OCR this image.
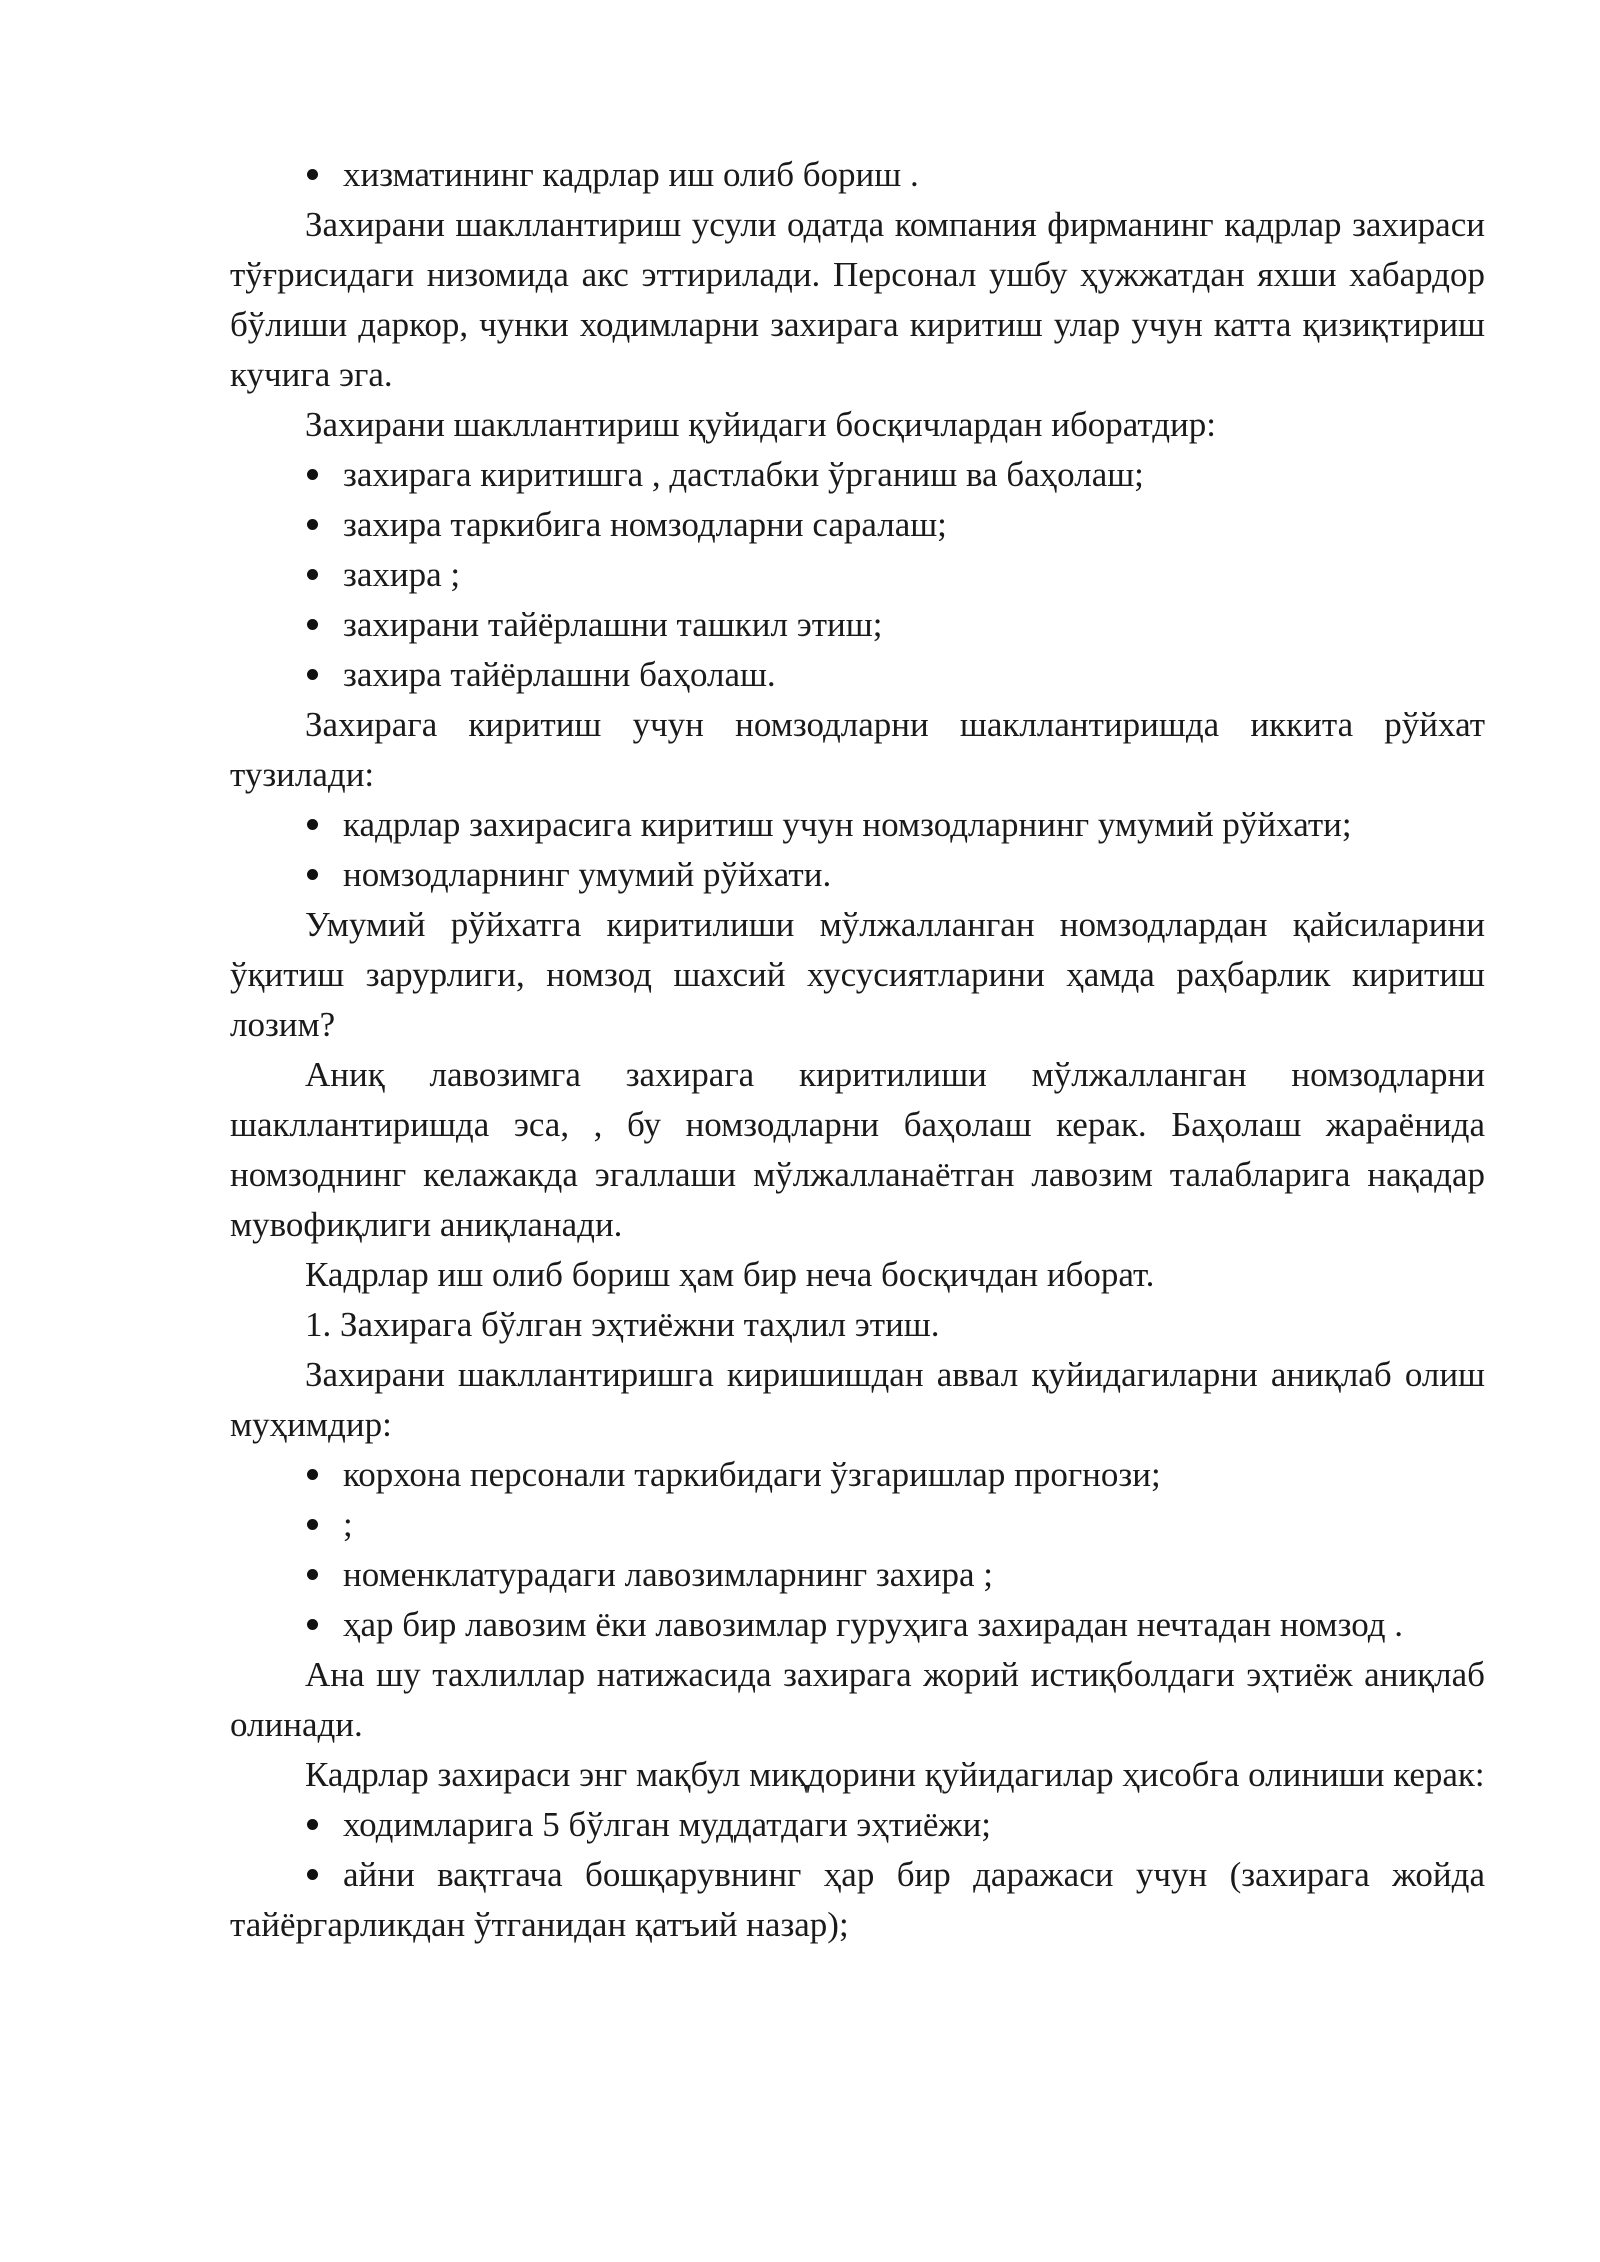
хизматининг кадрлар иш олиб бориш .

Захирани шакллантириш усули одатда компания фирманинг кадрлар захираси тўғрисидаги низомида акс эттирилади. Персонал ушбу ҳужжатдан яхши хабардор бўлиши даркор, чунки ходимларни захирага киритиш улар учун катта қизиқтириш кучига эга.

Захирани шакллантириш қуйидаги босқичлардан иборатдир:

захирага киритишга , дастлабки ўрганиш ва баҳолаш;
захира таркибига номзодларни саралаш;
захира ;
захирани тайёрлашни ташкил этиш;
захира тайёрлашни баҳолаш.

Захирага киритиш учун номзодларни шакллантиришда иккита рўйхат тузилади:

кадрлар захирасига киритиш учун номзодларнинг умумий рўйхати;
номзодларнинг умумий рўйхати.

Умумий рўйхатга киритилиши мўлжалланган номзодлардан қайсиларини ўқитиш зарурлиги, номзод шахсий хусусиятларини ҳамда раҳбарлик киритиш лозим?

Аниқ лавозимга захирага киритилиши мўлжалланган номзодларни шакллантиришда эса, , бу номзодларни баҳолаш керак. Баҳолаш жараёнида номзоднинг келажакда эгаллаши мўлжалланаётган лавозим талабларига нақадар мувофиқлиги аниқланади.

Кадрлар иш олиб бориш ҳам бир неча босқичдан иборат.

1. Захирага бўлган эҳтиёжни таҳлил этиш.

Захирани шакллантиришга киришишдан аввал қуйидагиларни аниқлаб олиш муҳимдир:

корхона персонали таркибидаги ўзгаришлар прогнози;
;
номенклатурадаги лавозимларнинг захира ;
ҳар бир лавозим ёки лавозимлар гуруҳига захирадан нечтадан номзод .

Ана шу тахлиллар натижасида захирага жорий истиқболдаги эҳтиёж аниқлаб олинади.

Кадрлар захираси энг мақбул миқдорини қуйидагилар ҳисобга олиниши керак:

ходимларига 5 бўлган муддатдаги эҳтиёжи;
айни вақтгача бошқарувнинг ҳар бир даражаси учун (захирага жойда тайёргарликдан ўтганидан қатъий назар);
